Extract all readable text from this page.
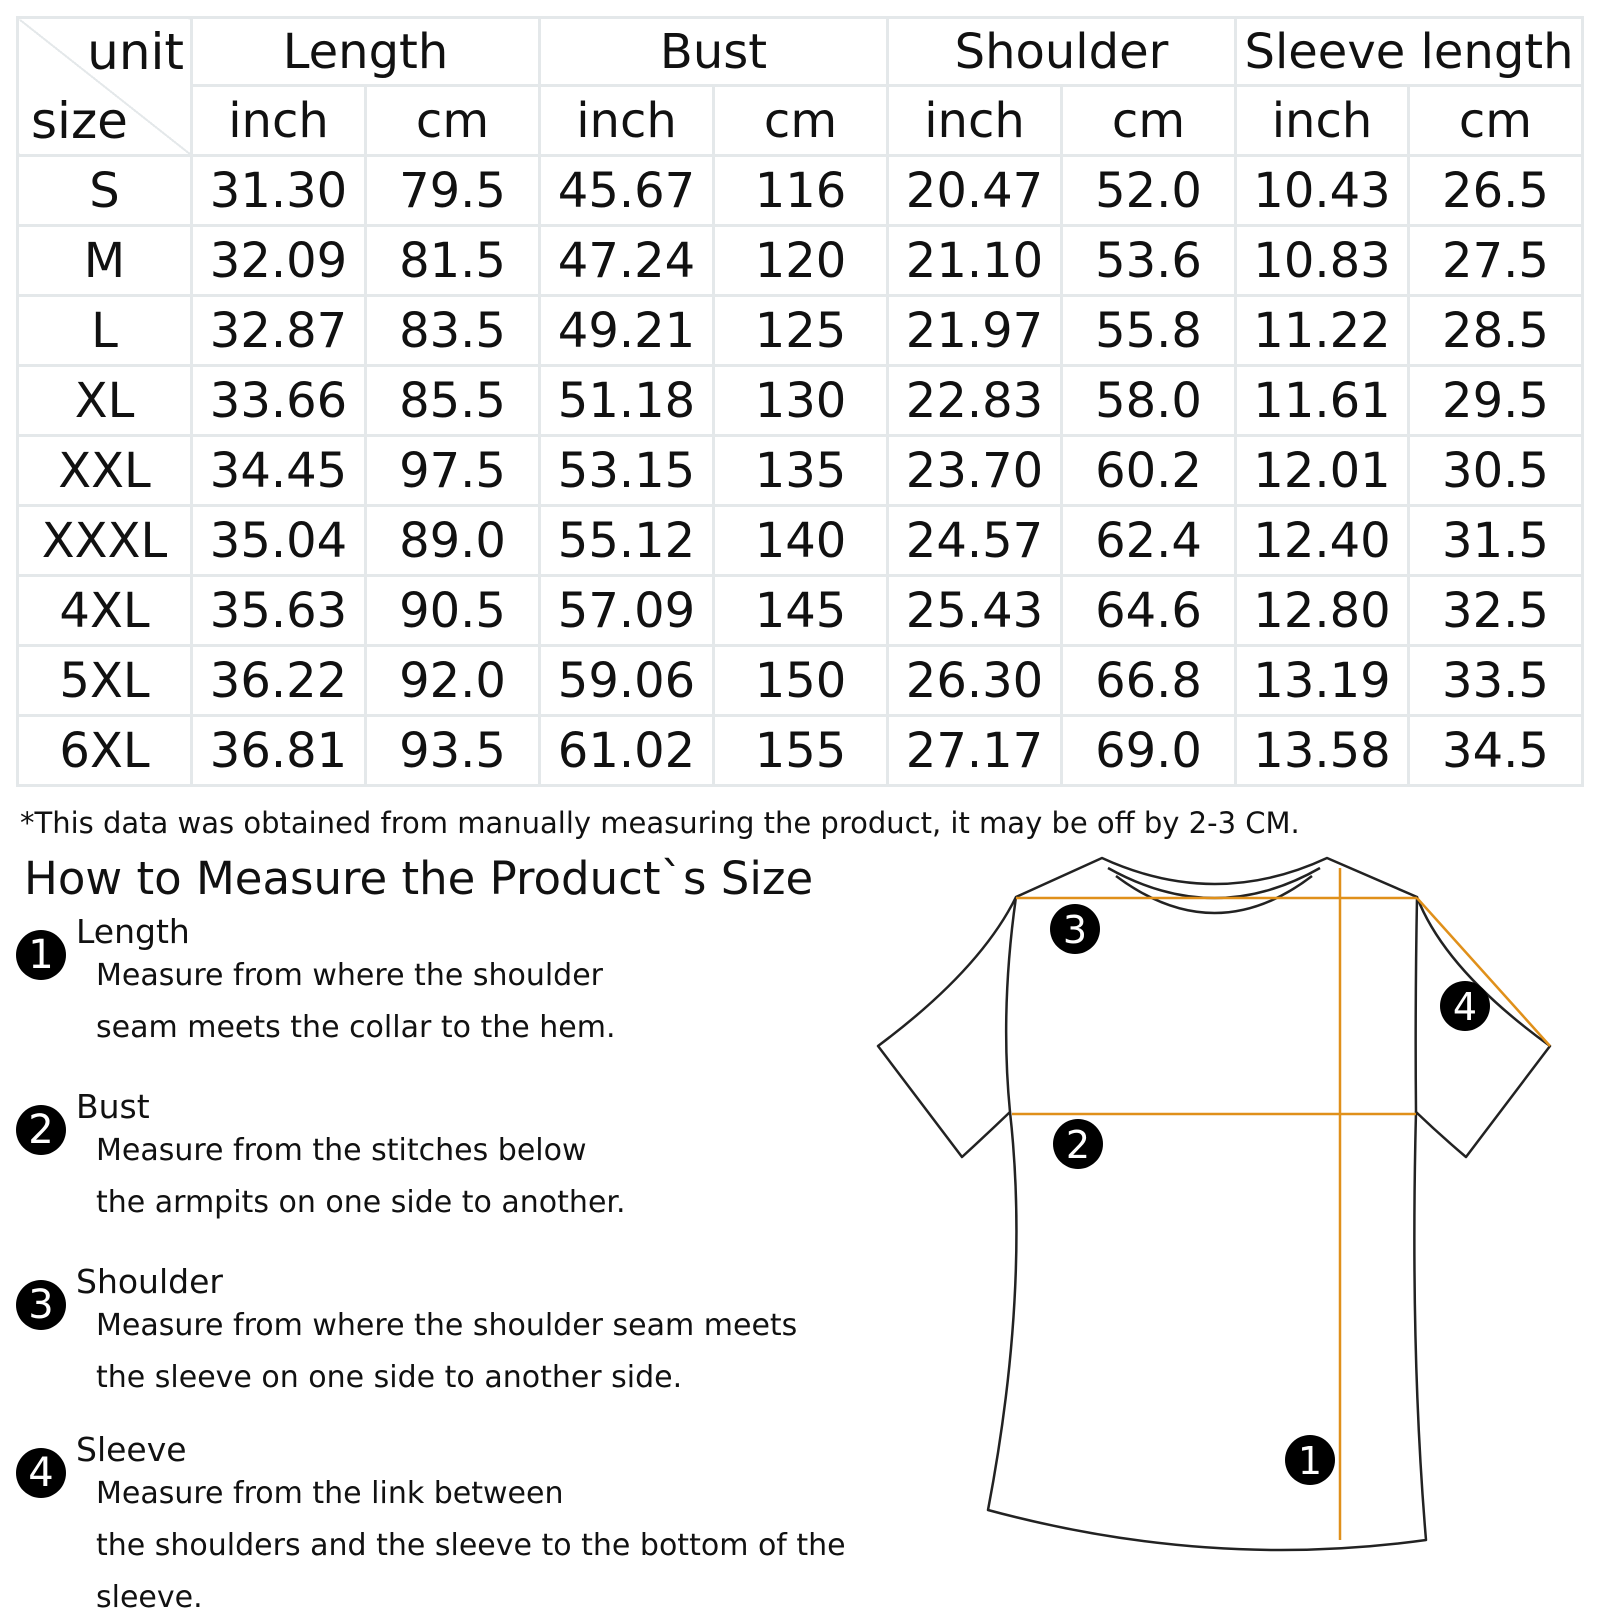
unit
size	Length		Bust		Shoulder		Sleeve length	
	inch	cm	inch	cm	inch	cm	inch	cm
S	31.30	79.5	45.67	116	20.47	52.0	10.43	26.5
M	32.09	81.5	47.24	120	21.10	53.6	10.83	27.5
L	32.87	83.5	49.21	125	21.97	55.8	11.22	28.5
XL	33.66	85.5	51.18	130	22.83	58.0	11.61	29.5
XXL	34.45	97.5	53.15	135	23.70	60.2	12.01	30.5
XXXL	35.04	89.0	55.12	140	24.57	62.4	12.40	31.5
4XL	35.63	90.5	57.09	145	25.43	64.6	12.80	32.5
5XL	36.22	92.0	59.06	150	26.30	66.8	13.19	33.5
6XL	36.81	93.5	61.02	155	27.17	69.0	13.58	34.5
*This data was obtained from manually measuring the product, it may be off by 2-3 CM.
How to Measure the Product`s Size
1
Length
Measure from where the shoulder
seam meets the collar to the hem.
2
Bust
Measure from the stitches below
the armpits on one side to another.
3
Shoulder
Measure from where the shoulder seam meets
the sleeve on one side to another side.
4
Sleeve
Measure from the link between
the shoulders and the sleeve to the bottom of the sleeve.
3
2
4
1
